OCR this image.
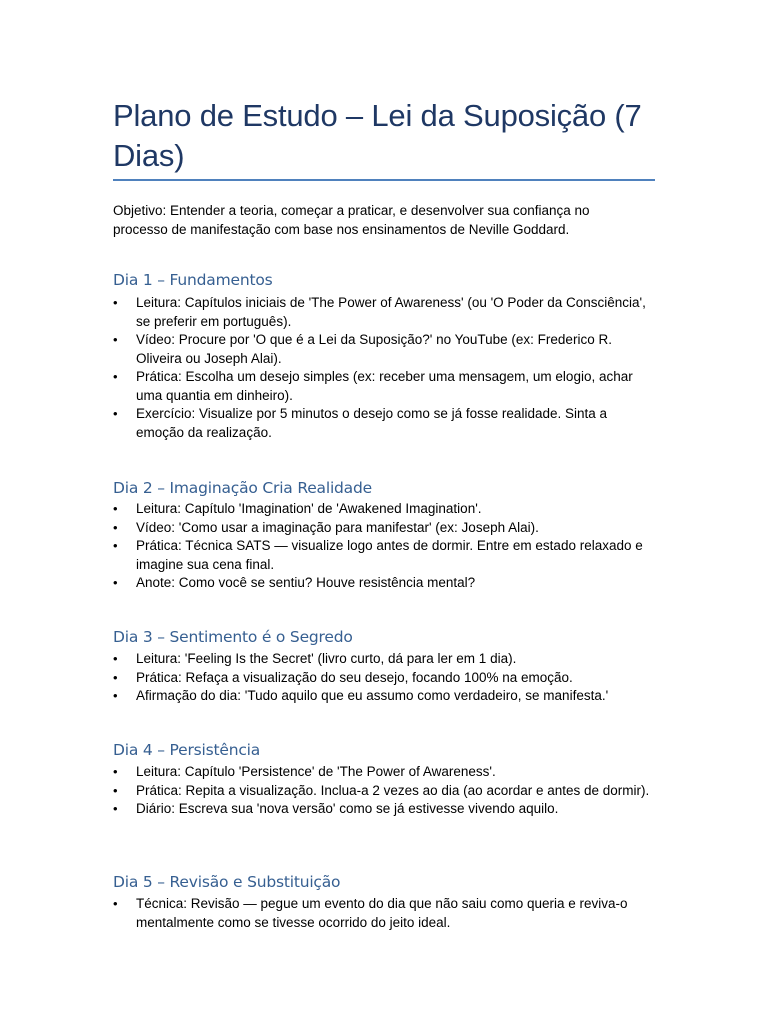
Plano de Estudo – Lei da Suposição (7 Dias)

Objetivo: Entender a teoria, começar a praticar, e desenvolver sua confiança no processo de manifestação com base nos ensinamentos de Neville Goddard.

Dia 1 – Fundamentos
•	Leitura: Capítulos iniciais de 'The Power of Awareness' (ou 'O Poder da Consciência', se preferir em português).
•	Vídeo: Procure por 'O que é a Lei da Suposição?' no YouTube (ex: Frederico R. Oliveira ou Joseph Alai).
•	Prática: Escolha um desejo simples (ex: receber uma mensagem, um elogio, achar uma quantia em dinheiro).
•	Exercício: Visualize por 5 minutos o desejo como se já fosse realidade. Sinta a emoção da realização.
Dia 2 – Imaginação Cria Realidade
•	Leitura: Capítulo 'Imagination' de 'Awakened Imagination'.
•	Vídeo: 'Como usar a imaginação para manifestar' (ex: Joseph Alai).
•	Prática: Técnica SATS — visualize logo antes de dormir. Entre em estado relaxado e imagine sua cena final.
•	Anote: Como você se sentiu? Houve resistência mental?
Dia 3 – Sentimento é o Segredo
•	Leitura: 'Feeling Is the Secret' (livro curto, dá para ler em 1 dia).
•	Prática: Refaça a visualização do seu desejo, focando 100% na emoção.
•	Afirmação do dia: 'Tudo aquilo que eu assumo como verdadeiro, se manifesta.'
Dia 4 – Persistência
•	Leitura: Capítulo 'Persistence' de 'The Power of Awareness'.
•	Prática: Repita a visualização. Inclua-a 2 vezes ao dia (ao acordar e antes de dormir).
•	Diário: Escreva sua 'nova versão' como se já estivesse vivendo aquilo.
Dia 5 – Revisão e Substituição
•	Técnica: Revisão — pegue um evento do dia que não saiu como queria e reviva-o mentalmente como se tivesse ocorrido do jeito ideal.
